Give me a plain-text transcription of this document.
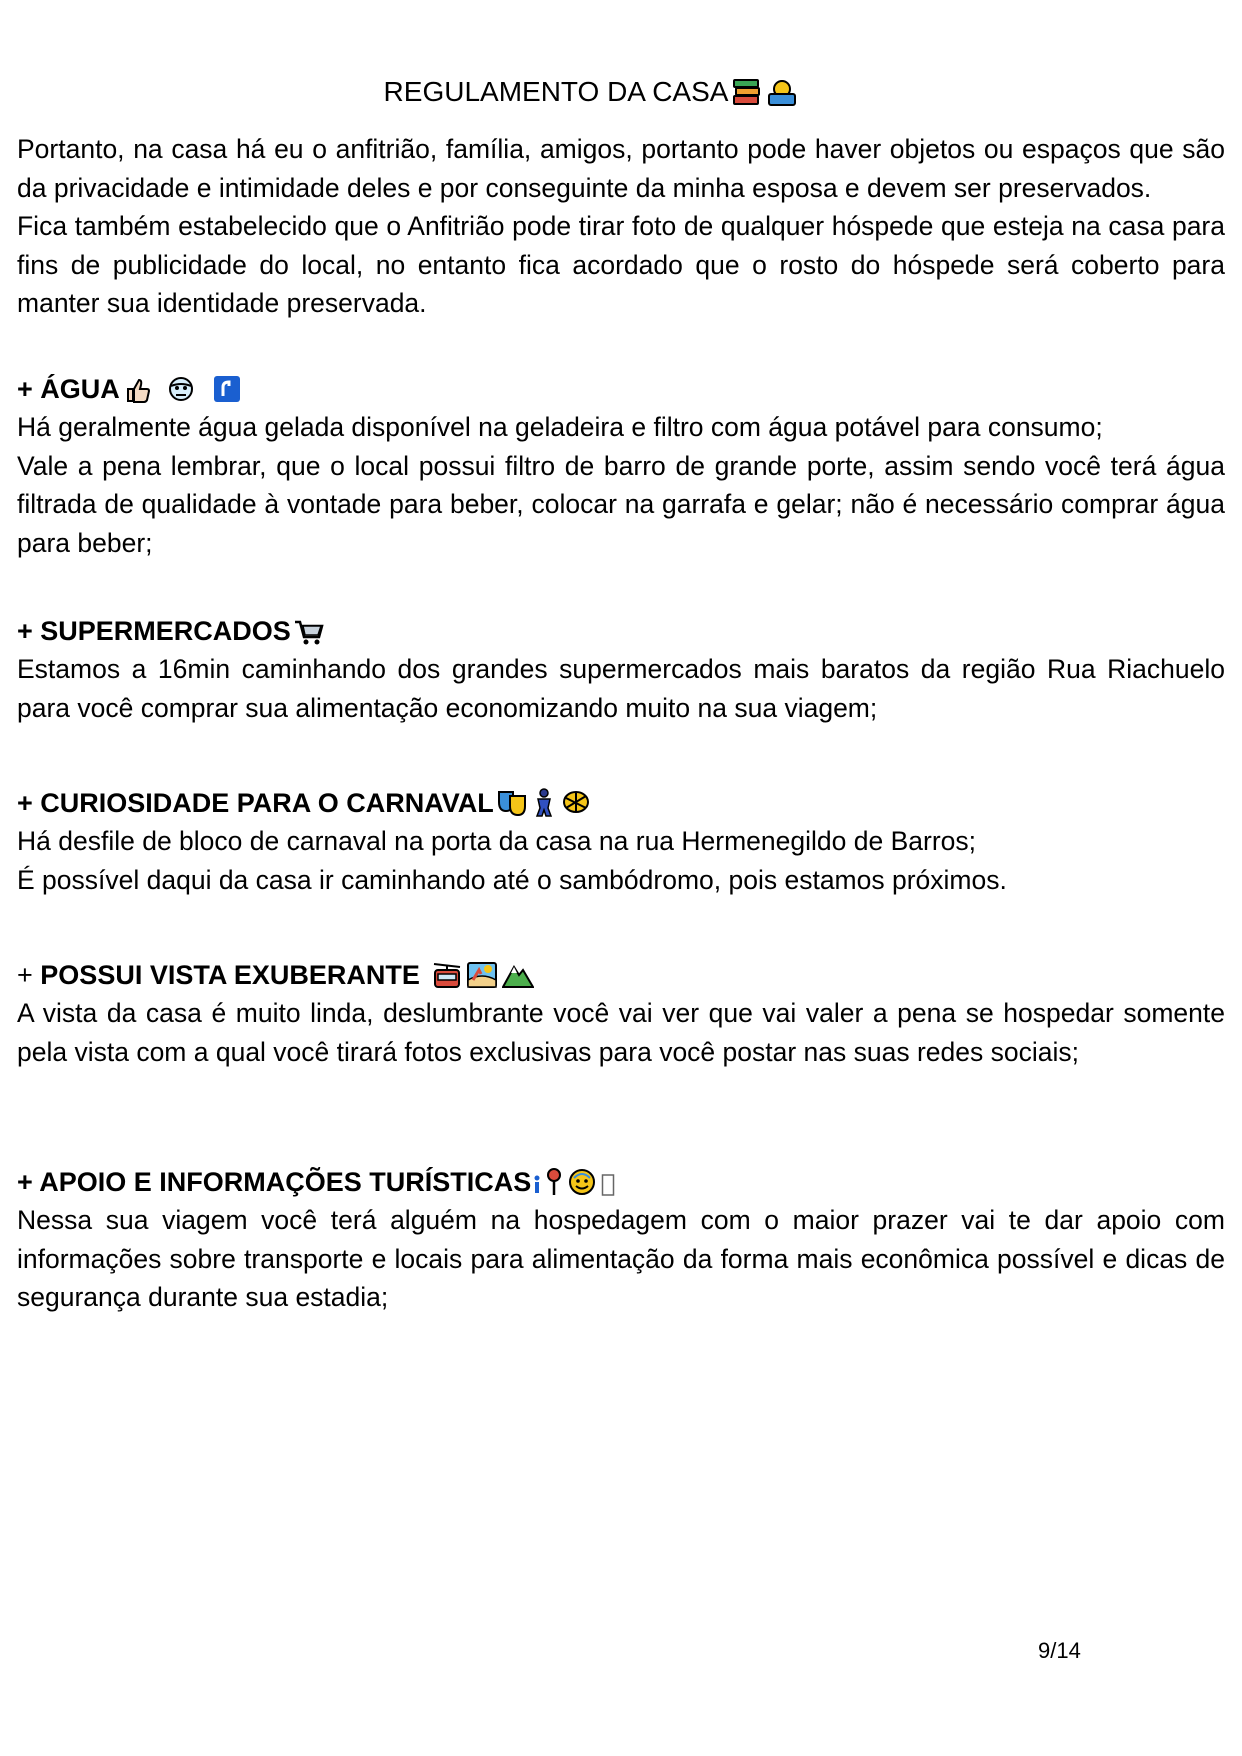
REGULAMENTO DA CASA

Portanto, na casa há eu o anfitrião, família, amigos, portanto pode haver objetos ou espaços que são da privacidade e intimidade deles e por conseguinte da minha esposa e devem ser preservados.

Fica também estabelecido que o Anfitrião pode tirar foto de qualquer hóspede que esteja na casa para fins de publicidade do local, no entanto fica acordado que o rosto do hóspede será coberto para manter sua identidade preservada.

+ ÁGUA

Há geralmente água gelada disponível na geladeira e filtro com água potável para consumo;

Vale a pena lembrar, que o local possui filtro de barro de grande porte, assim sendo você terá água filtrada de qualidade à vontade para beber, colocar na garrafa e gelar; não é necessário comprar água para beber;

+ SUPERMERCADOS

Estamos a 16min caminhando dos grandes supermercados mais baratos da região Rua Riachuelo para você comprar sua alimentação economizando muito na sua viagem;

+ CURIOSIDADE PARA O CARNAVAL

Há desfile de bloco de carnaval na porta da casa na rua Hermenegildo de Barros;

É possível daqui da casa ir caminhando até o sambódromo, pois estamos próximos.

+ POSSUI VISTA EXUBERANTE

A vista da casa é muito linda, deslumbrante você vai ver que vai valer a pena se hospedar somente pela vista com a qual você tirará fotos exclusivas para você postar nas suas redes sociais;

+ APOIO E INFORMAÇÕES TURÍSTICAS

Nessa sua viagem você terá alguém na hospedagem com o maior prazer vai te dar apoio com informações sobre transporte e locais para alimentação da forma mais econômica possível e dicas de segurança durante sua estadia;

9/14
